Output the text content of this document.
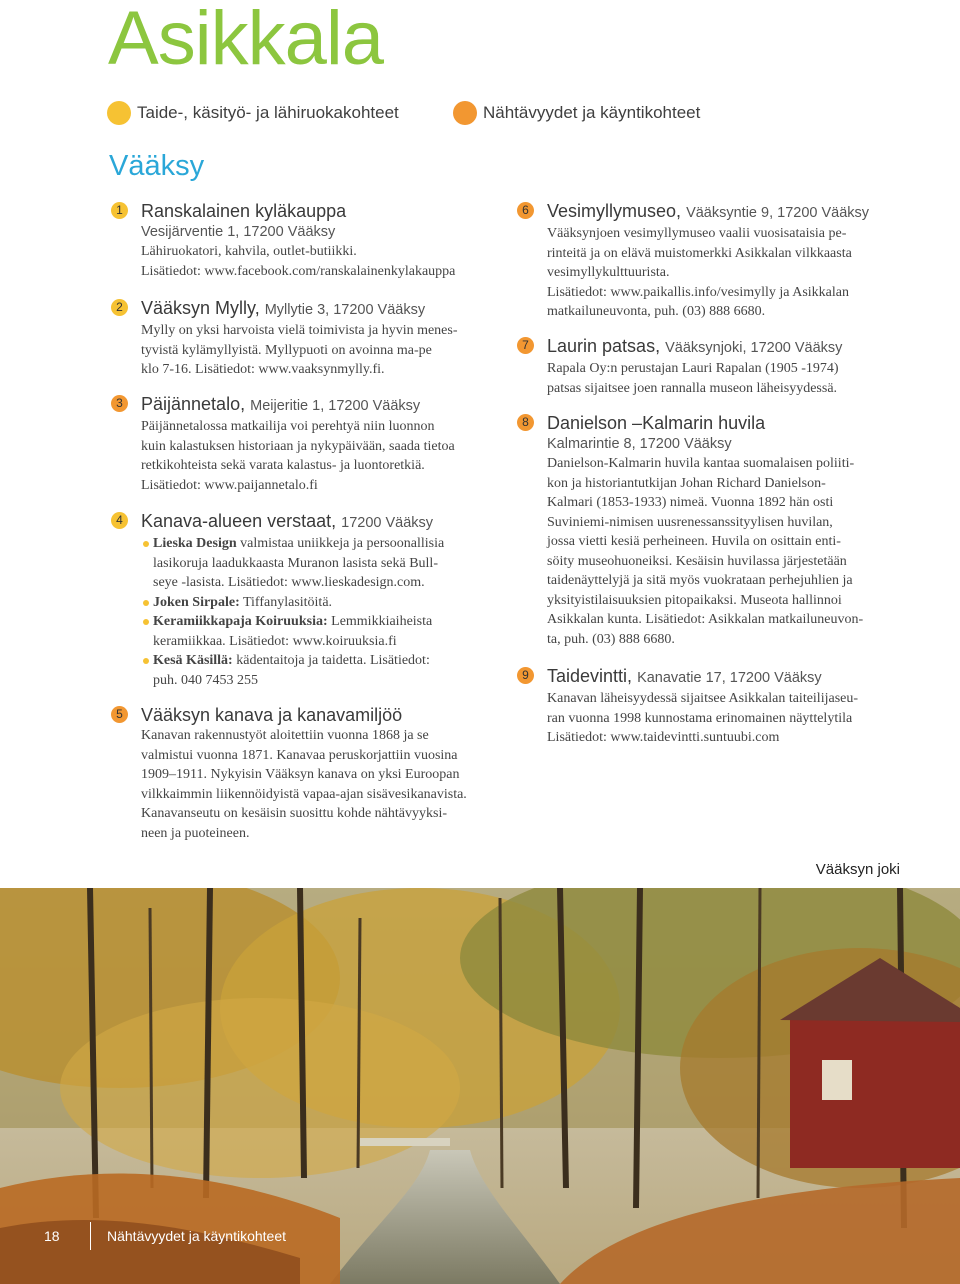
Asikkala
Taide-, käsityö- ja lähiruokakohteet	Nähtävyydet ja käyntikohteet
Vääksy
1 Ranskalainen kyläkauppa
Vesijärventie 1, 17200 Vääksy
Lähiruokatori, kahvila, outlet-butiikki.
Lisätiedot: www.facebook.com/ranskalainenkylakauppa
2 Vääksyn Mylly, Myllytie 3, 17200 Vääksy
Mylly on yksi harvoista vielä toimivista ja hyvin menes-
tyvistä kylämyllyistä. Myllypuoti on avoinna ma-pe
klo 7-16. Lisätiedot: www.vaaksynmylly.fi.
3 Päijännetalo, Meijeritie 1, 17200 Vääksy
Päijännetalossa matkailija voi perehtyä niin luonnon
kuin kalastuksen historiaan ja nykypäivään, saada tietoa
retkikohteista sekä varata kalastus- ja luontoretkiä.
Lisätiedot: www.paijannetalo.fi
4 Kanava-alueen verstaat, 17200 Vääksy
Lieska Design valmistaa uniikkeja ja persoonallisia
lasikoruja laadukkaasta Muranon lasista sekä Bull-
seye -lasista. Lisätiedot: www.lieskadesign.com.
Joken Sirpale: Tiffanylasitöitä.
Keramiikkapaja Koiruuksia: Lemmikkiaiheista
keramiikkaa. Lisätiedot: www.koiruuksia.fi
Kesä Käsillä: kädentaitoja ja taidetta. Lisätiedot:
puh. 040 7453 255
5 Vääksyn kanava ja kanavamiljöö
Kanavan rakennustyöt aloitettiin vuonna 1868 ja se
valmistui vuonna 1871. Kanavaa peruskorjattiin vuosina
1909–1911. Nykyisin Vääksyn kanava on yksi Euroopan
vilkkaimmin liikennöidyistä vapaa-ajan sisävesikanavista.
Kanavanseutu on kesäisin suosittu kohde nähtävyyksi-
neen ja puoteineen.
6 Vesimyllymuseo, Vääksyntie 9, 17200 Vääksy
Vääksynjoen vesimyllymuseo vaalii vuosisataisia pe-
rinteitä ja on elävä muistomerkki Asikkalan vilkkaasta
vesimyllykulttuurista.
Lisätiedot: www.paikallis.info/vesimylly ja Asikkalan
matkailuneuvonta, puh. (03) 888 6680.
7 Laurin patsas, Vääksynjoki, 17200 Vääksy
Rapala Oy:n perustajan Lauri Rapalan (1905 -1974)
patsas sijaitsee joen rannalla museon läheisyydessä.
8 Danielson –Kalmarin huvila
Kalmarintie 8, 17200 Vääksy
Danielson-Kalmarin huvila kantaa suomalaisen poliiti-
kon ja historiantutkijan Johan Richard Danielson-
Kalmari (1853-1933) nimeä. Vuonna 1892 hän osti
Suviniemi-nimisen uusrenessanssityylisen huvilan,
jossa vietti kesiä perheineen. Huvila on osittain enti-
söity museohuoneiksi. Kesäisin huvilassa järjestetään
taidenäyttelyjä ja sitä myös vuokrataan perhejuhlien ja
yksityistilaisuuksien pitopaikaksi. Museota hallinnoi
Asikkalan kunta. Lisätiedot: Asikkalan matkailuneuvon-
ta, puh. (03) 888 6680.
9 Taidevintti, Kanavatie 17, 17200 Vääksy
Kanavan läheisyydessä sijaitsee Asikkalan taiteilijaseu-
ran vuonna 1998 kunnostama erinomainen näyttelytila
Lisätiedot: www.taidevintti.suntuubi.com
Vääksyn joki
18	Nähtävyydet ja käyntikohteet
